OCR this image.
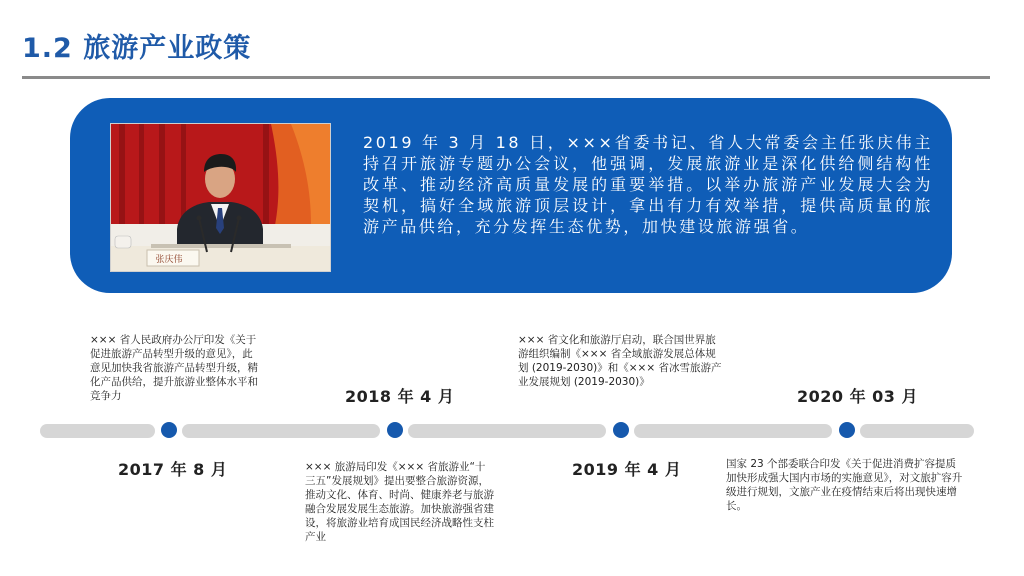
1.2 旅游产业政策
张庆伟
2019 年 3 月 18 日，×××省委书记、省人大常委会主任张庆伟主持召开旅游专题办公会议，他强调，发展旅游业是深化供给侧结构性改革、推动经济高质量发展的重要举措。以举办旅游产业发展大会为契机，搞好全域旅游顶层设计，拿出有力有效举措，提供高质量的旅游产品供给，充分发挥生态优势，加快建设旅游强省。
××× 省人民政府办公厅印发《关于促进旅游产品转型升级的意见》，此意见加快我省旅游产品转型升级，精化产品供给，提升旅游业整体水平和竞争力
2017 年 8 月
2018 年 4 月
××× 旅游局印发《××× 省旅游业“十三五”发展规划》提出要整合旅游资源，推动文化、体育、时尚、健康养老与旅游融合发展发展生态旅游。加快旅游强省建设，将旅游业培育成国民经济战略性支柱产业
××× 省文化和旅游厅启动，联合国世界旅游组织编制《××× 省全域旅游发展总体规划 (2019-2030)》和《××× 省冰雪旅游产业发展规划 (2019-2030)》
2019 年 4 月
2020 年 03 月
国家 23 个部委联合印发《关于促进消费扩容提质加快形成强大国内市场的实施意见》，对文旅扩容升级进行规划，文旅产业在疫情结束后将出现快速增长。
